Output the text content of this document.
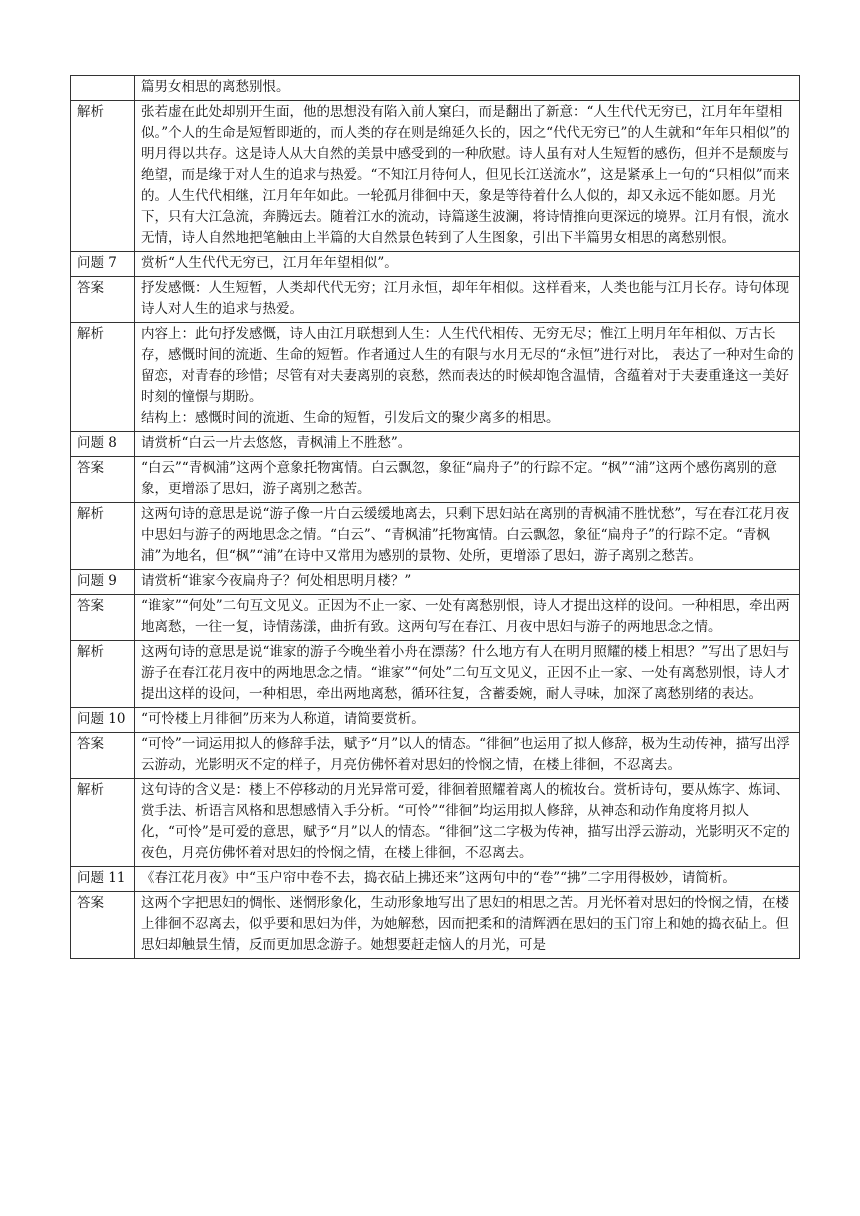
	篇男女相思的离愁别恨。

解析	张若虚在此处却别开生面，他的思想没有陷入前人窠臼，而是翻出了新意：“人生代代无穷已，江月年年望相似。”个人的生命是短暂即逝的，而人类的存在则是绵延久长的，因之“代代无穷已”的人生就和“年年只相似”的明月得以共存。这是诗人从大自然的美景中感受到的一种欣慰。诗人虽有对人生短暂的感伤，但并不是颓废与绝望，而是缘于对人生的追求与热爱。“不知江月待何人，但见长江送流水”，这是紧承上一句的“只相似”而来的。人生代代相继，江月年年如此。一轮孤月徘徊中天，象是等待着什么人似的，却又永远不能如愿。月光下，只有大江急流，奔腾远去。随着江水的流动，诗篇遂生波澜，将诗情推向更深远的境界。江月有恨，流水无情，诗人自然地把笔触由上半篇的大自然景色转到了人生图象，引出下半篇男女相思的离愁别恨。

问题 7	赏析“人生代代无穷已，江月年年望相似”。

答案	抒发感慨：人生短暂，人类却代代无穷；江月永恒，却年年相似。这样看来，人类也能与江月长存。诗句体现诗人对人生的追求与热爱。

解析	内容上：此句抒发感慨，诗人由江月联想到人生：人生代代相传、无穷无尽；惟江上明月年年相似、万古长存，感慨时间的流逝、生命的短暂。作者通过人生的有限与水月无尽的“永恒”进行对比， 表达了一种对生命的留恋，对青春的珍惜；尽管有对夫妻离别的哀愁，然而表达的时候却饱含温情，含蕴着对于夫妻重逢这一美好时刻的憧憬与期盼。
结构上：感慨时间的流逝、生命的短暂，引发后文的聚少离多的相思。

问题 8	请赏析“白云一片去悠悠，青枫浦上不胜愁”。

答案	“白云”“青枫浦”这两个意象托物寓情。白云飘忽，象征“扁舟子”的行踪不定。“枫”“浦”这两个感伤离别的意象，更增添了思妇，游子离别之愁苦。

解析	这两句诗的意思是说“游子像一片白云缓缓地离去，只剩下思妇站在离别的青枫浦不胜忧愁”，写在春江花月夜中思妇与游子的两地思念之情。“白云”、“青枫浦”托物寓情。白云飘忽，象征“扁舟子”的行踪不定。“青枫浦”为地名，但“枫”“浦”在诗中又常用为感别的景物、处所，更增添了思妇，游子离别之愁苦。

问题 9	请赏析“谁家今夜扁舟子？何处相思明月楼？”

答案	“谁家”“何处”二句互文见义。正因为不止一家、一处有离愁别恨，诗人才提出这样的设问。一种相思，牵出两地离愁，一往一复，诗情荡漾，曲折有致。这两句写在春江、月夜中思妇与游子的两地思念之情。

解析	这两句诗的意思是说“谁家的游子今晚坐着小舟在漂荡？什么地方有人在明月照耀的楼上相思？”写出了思妇与游子在春江花月夜中的两地思念之情。“谁家”“何处”二句互文见义，正因不止一家、一处有离愁别恨，诗人才提出这样的设问，一种相思，牵出两地离愁，循环往复，含蓄委婉，耐人寻味，加深了离愁别绪的表达。

问题 10	“可怜楼上月徘徊”历来为人称道，请简要赏析。

答案	“可怜”一词运用拟人的修辞手法，赋予“月”以人的情态。“徘徊”也运用了拟人修辞，极为生动传神，描写出浮云游动，光影明灭不定的样子，月亮仿佛怀着对思妇的怜悯之情，在楼上徘徊，不忍离去。

解析	这句诗的含义是：楼上不停移动的月光异常可爱，徘徊着照耀着离人的梳妆台。赏析诗句，要从炼字、炼词、赏手法、析语言风格和思想感情入手分析。“可怜”“徘徊”均运用拟人修辞，从神态和动作角度将月拟人化，“可怜”是可爱的意思，赋予“月”以人的情态。“徘徊”这二字极为传神，描写出浮云游动，光影明灭不定的夜色，月亮仿佛怀着对思妇的怜悯之情，在楼上徘徊，不忍离去。

问题 11	《春江花月夜》中“玉户帘中卷不去，捣衣砧上拂还来”这两句中的“卷”“拂”二字用得极妙，请简析。

答案	这两个字把思妇的惆怅、迷惘形象化，生动形象地写出了思妇的相思之苦。月光怀着对思妇的怜悯之情，在楼上徘徊不忍离去，似乎要和思妇为伴，为她解愁，因而把柔和的清辉洒在思妇的玉门帘上和她的捣衣砧上。但思妇却触景生情，反而更加思念游子。她想要赶走恼人的月光，可是
